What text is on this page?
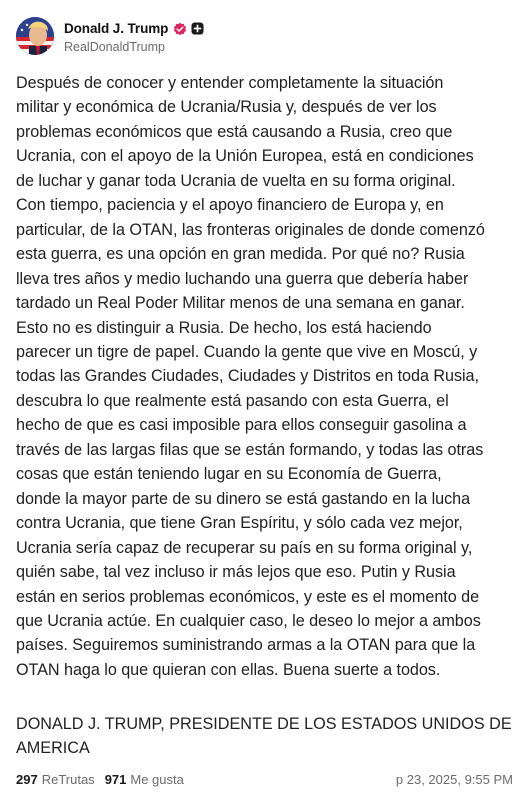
Donald J. Trump
RealDonaldTrump
Después de conocer y entender completamente la situación
militar y económica de Ucrania/Rusia y, después de ver los
problemas económicos que está causando a Rusia, creo que
Ucrania, con el apoyo de la Unión Europea, está en condiciones
de luchar y ganar toda Ucrania de vuelta en su forma original.
Con tiempo, paciencia y el apoyo financiero de Europa y, en
particular, de la OTAN, las fronteras originales de donde comenzó
esta guerra, es una opción en gran medida. Por qué no? Rusia
lleva tres años y medio luchando una guerra que debería haber
tardado un Real Poder Militar menos de una semana en ganar.
Esto no es distinguir a Rusia. De hecho, los está haciendo
parecer un tigre de papel. Cuando la gente que vive en Moscú, y
todas las Grandes Ciudades, Ciudades y Distritos en toda Rusia,
descubra lo que realmente está pasando con esta Guerra, el
hecho de que es casi imposible para ellos conseguir gasolina a
través de las largas filas que se están formando, y todas las otras
cosas que están teniendo lugar en su Economía de Guerra,
donde la mayor parte de su dinero se está gastando en la lucha
contra Ucrania, que tiene Gran Espíritu, y sólo cada vez mejor,
Ucrania sería capaz de recuperar su país en su forma original y,
quién sabe, tal vez incluso ir más lejos que eso. Putin y Rusia
están en serios problemas económicos, y este es el momento de
que Ucrania actúe. En cualquier caso, le deseo lo mejor a ambos
países. Seguiremos suministrando armas a la OTAN para que la
OTAN haga lo que quieran con ellas. Buena suerte a todos.
DONALD J. TRUMP, PRESIDENTE DE LOS ESTADOS UNIDOS DE AMERICA
297 ReTrutas 971 Me gusta	p 23, 2025, 9:55 PM
